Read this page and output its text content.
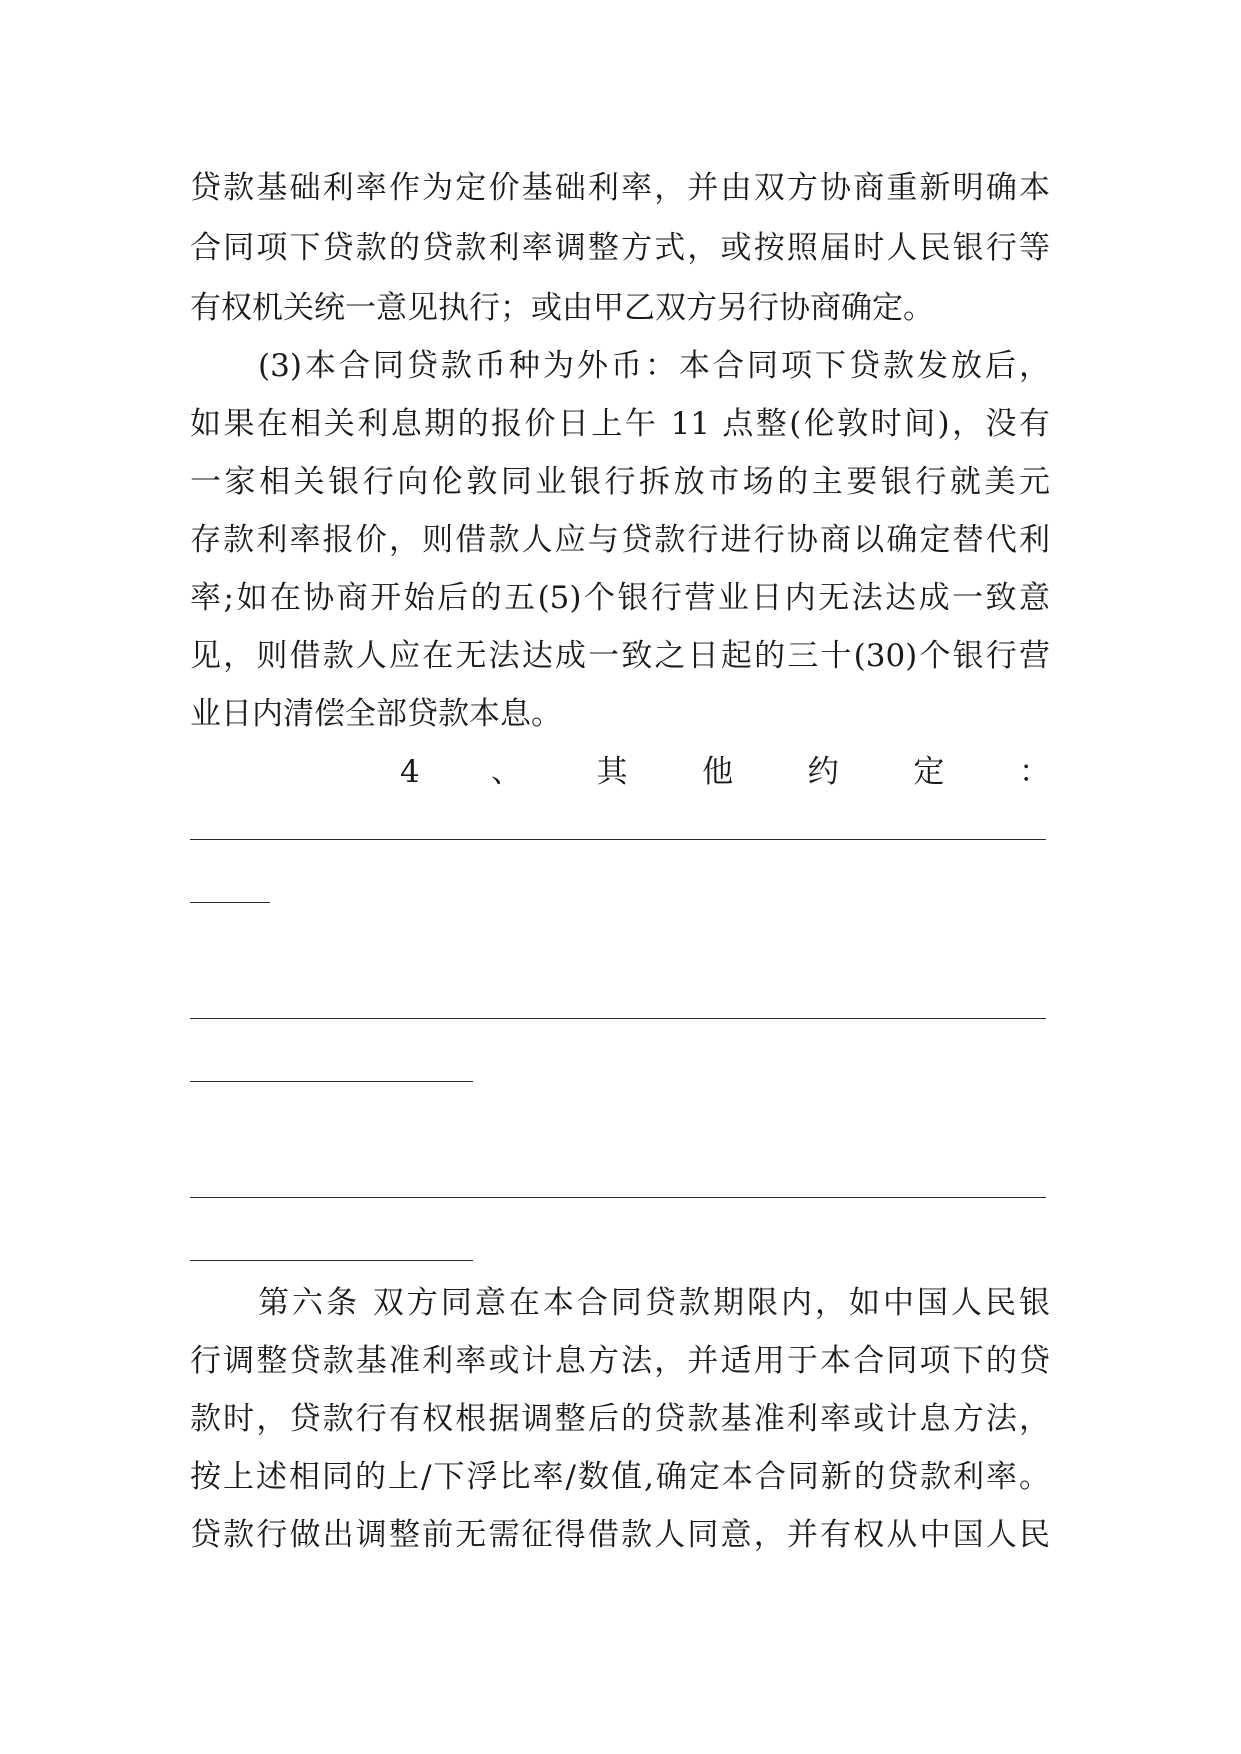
贷款基础利率作为定价基础利率，并由双方协商重新明确本
合同项下贷款的贷款利率调整方式，或按照届时人民银行等
有权机关统一意见执行；或由甲乙双方另行协商确定。
(3)本合同贷款币种为外币：本合同项下贷款发放后，
如果在相关利息期的报价日上午 11 点整(伦敦时间)，没有
一家相关银行向伦敦同业银行拆放市场的主要银行就美元
存款利率报价，则借款人应与贷款行进行协商以确定替代利
率;如在协商开始后的五(5)个银行营业日内无法达成一致意
见，则借款人应在无法达成一致之日起的三十(30)个银行营
业日内清偿全部贷款本息。
4 、 其 他 约 定 ：
第六条 双方同意在本合同贷款期限内，如中国人民银
行调整贷款基准利率或计息方法，并适用于本合同项下的贷
款时，贷款行有权根据调整后的贷款基准利率或计息方法，
按上述相同的上/下浮比率/数值,确定本合同新的贷款利率。
贷款行做出调整前无需征得借款人同意，并有权从中国人民
